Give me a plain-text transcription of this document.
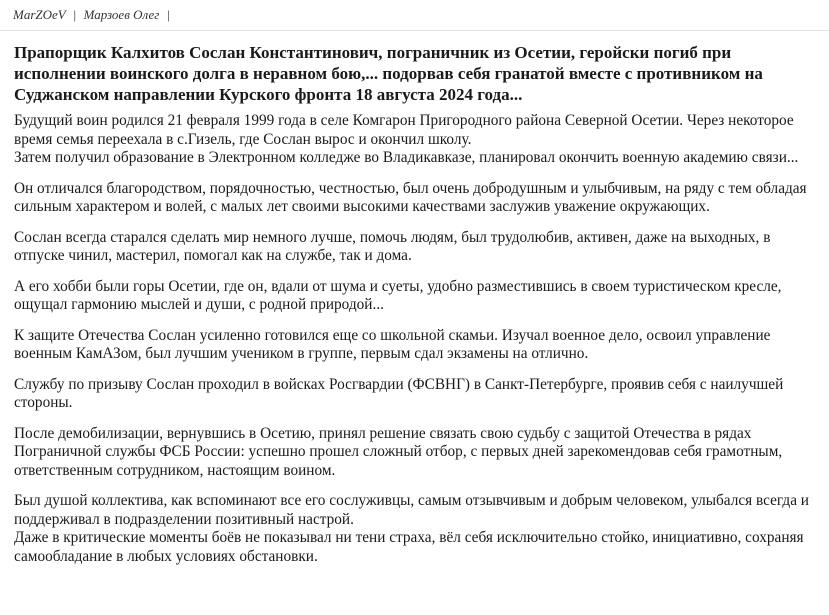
MarZOeV | Марзоев Олег |
Прапорщик Калхитов Сослан Константинович, пограничник из Осетии, геройски погиб при исполнении воинского долга в неравном бою,... подорвав себя гранатой вместе с противником на Суджанском направлении Курского фронта 18 августа 2024 года...

Будущий воин родился 21 февраля 1999 года в селе Комгарон Пригородного района Северной Осетии. Через некоторое время семья переехала в с.Гизель, где Сослан вырос и окончил школу.
Затем получил образование в Электронном колледже во Владикавказе, планировал окончить военную академию связи...

Он отличался благородством, порядочностью, честностью, был очень добродушным и улыбчивым, на ряду с тем обладая сильным характером и волей, с малых лет своими высокими качествами заслужив уважение окружающих.

Сослан всегда старался сделать мир немного лучше, помочь людям, был трудолюбив, активен, даже на выходных, в отпуске чинил, мастерил, помогал как на службе, так и дома.

А его хобби были горы Осетии, где он, вдали от шума и суеты, удобно разместившись в своем туристическом кресле, ощущал гармонию мыслей и души, с родной природой...

К защите Отечества Сослан усиленно готовился еще со школьной скамьи. Изучал военное дело, освоил управление военным КамАЗом, был лучшим учеником в группе, первым сдал экзамены на отлично.

Службу по призыву Сослан проходил в войсках Росгвардии (ФСВНГ) в Санкт-Петербурге, проявив себя с наилучшей стороны.

После демобилизации, вернувшись в Осетию, принял решение связать свою судьбу с защитой Отечества в рядах Пограничной службы ФСБ России: успешно прошел сложный отбор, с первых дней зарекомендовав себя грамотным, ответственным сотрудником, настоящим воином.

Был душой коллектива, как вспоминают все его сослуживцы, самым отзывчивым и добрым человеком, улыбался всегда и поддерживал в подразделении позитивный настрой.
Даже в критические моменты боёв не показывал ни тени страха, вёл себя исключительно стойко, инициативно, сохраняя самообладание в любых условиях обстановки.
